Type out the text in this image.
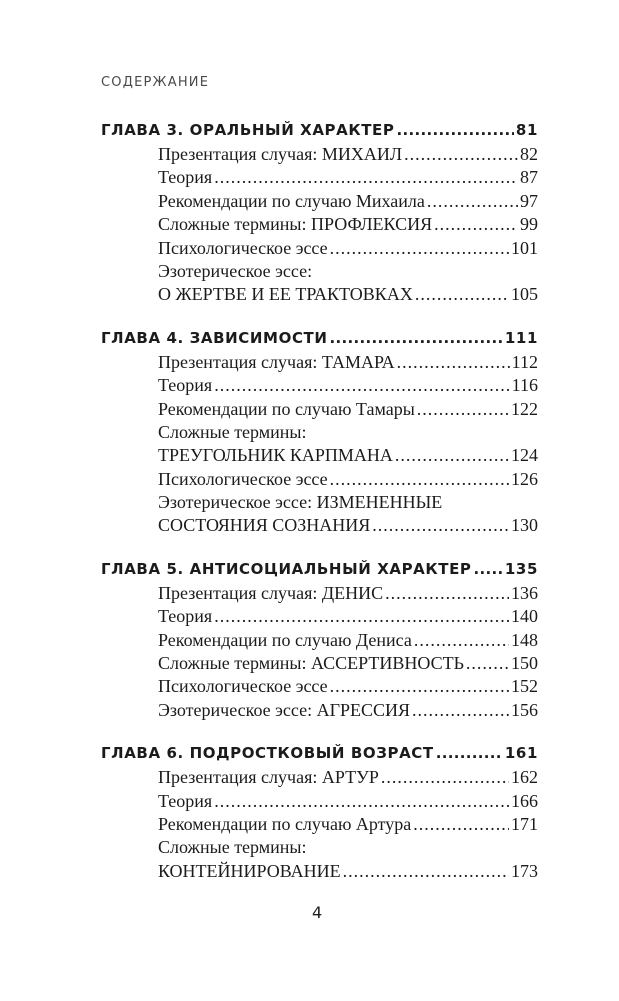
СОДЕРЖАНИЕ
ГЛАВА 3. ОРАЛЬНЫЙ ХАРАКТЕР .....	81
Презентация случая: МИХАИЛ .....	82
Теория .....	87
Рекомендации по случаю Михаила .....	97
Сложные термины: ПРОФЛЕКСИЯ .....	99
Психологическое эссе .....	101
Эзотерическое эссе:
О ЖЕРТВЕ И ЕЕ ТРАКТОВКАХ .....	105
ГЛАВА 4. ЗАВИСИМОСТИ .....	111
Презентация случая: ТАМАРА .....	112
Теория .....	116
Рекомендации по случаю Тамары .....	122
Сложные термины:
ТРЕУГОЛЬНИК КАРПМАНА .....	124
Психологическое эссе .....	126
Эзотерическое эссе: ИЗМЕНЕННЫЕ
СОСТОЯНИЯ СОЗНАНИЯ .....	130
ГЛАВА 5. АНТИСОЦИАЛЬНЫЙ ХАРАКТЕР ..... 135
Презентация случая: ДЕНИС .....	136
Теория .....	140
Рекомендации по случаю Дениса .....	148
Сложные термины: АССЕРТИВНОСТЬ .....	150
Психологическое эссе .....	152
Эзотерическое эссе: АГРЕССИЯ .....	156
ГЛАВА 6. ПОДРОСТКОВЫЙ ВОЗРАСТ .....	161
Презентация случая: АРТУР .....	162
Теория .....	166
Рекомендации по случаю Артура .....	171
Сложные термины:
КОНТЕЙНИРОВАНИЕ .....	173
4
